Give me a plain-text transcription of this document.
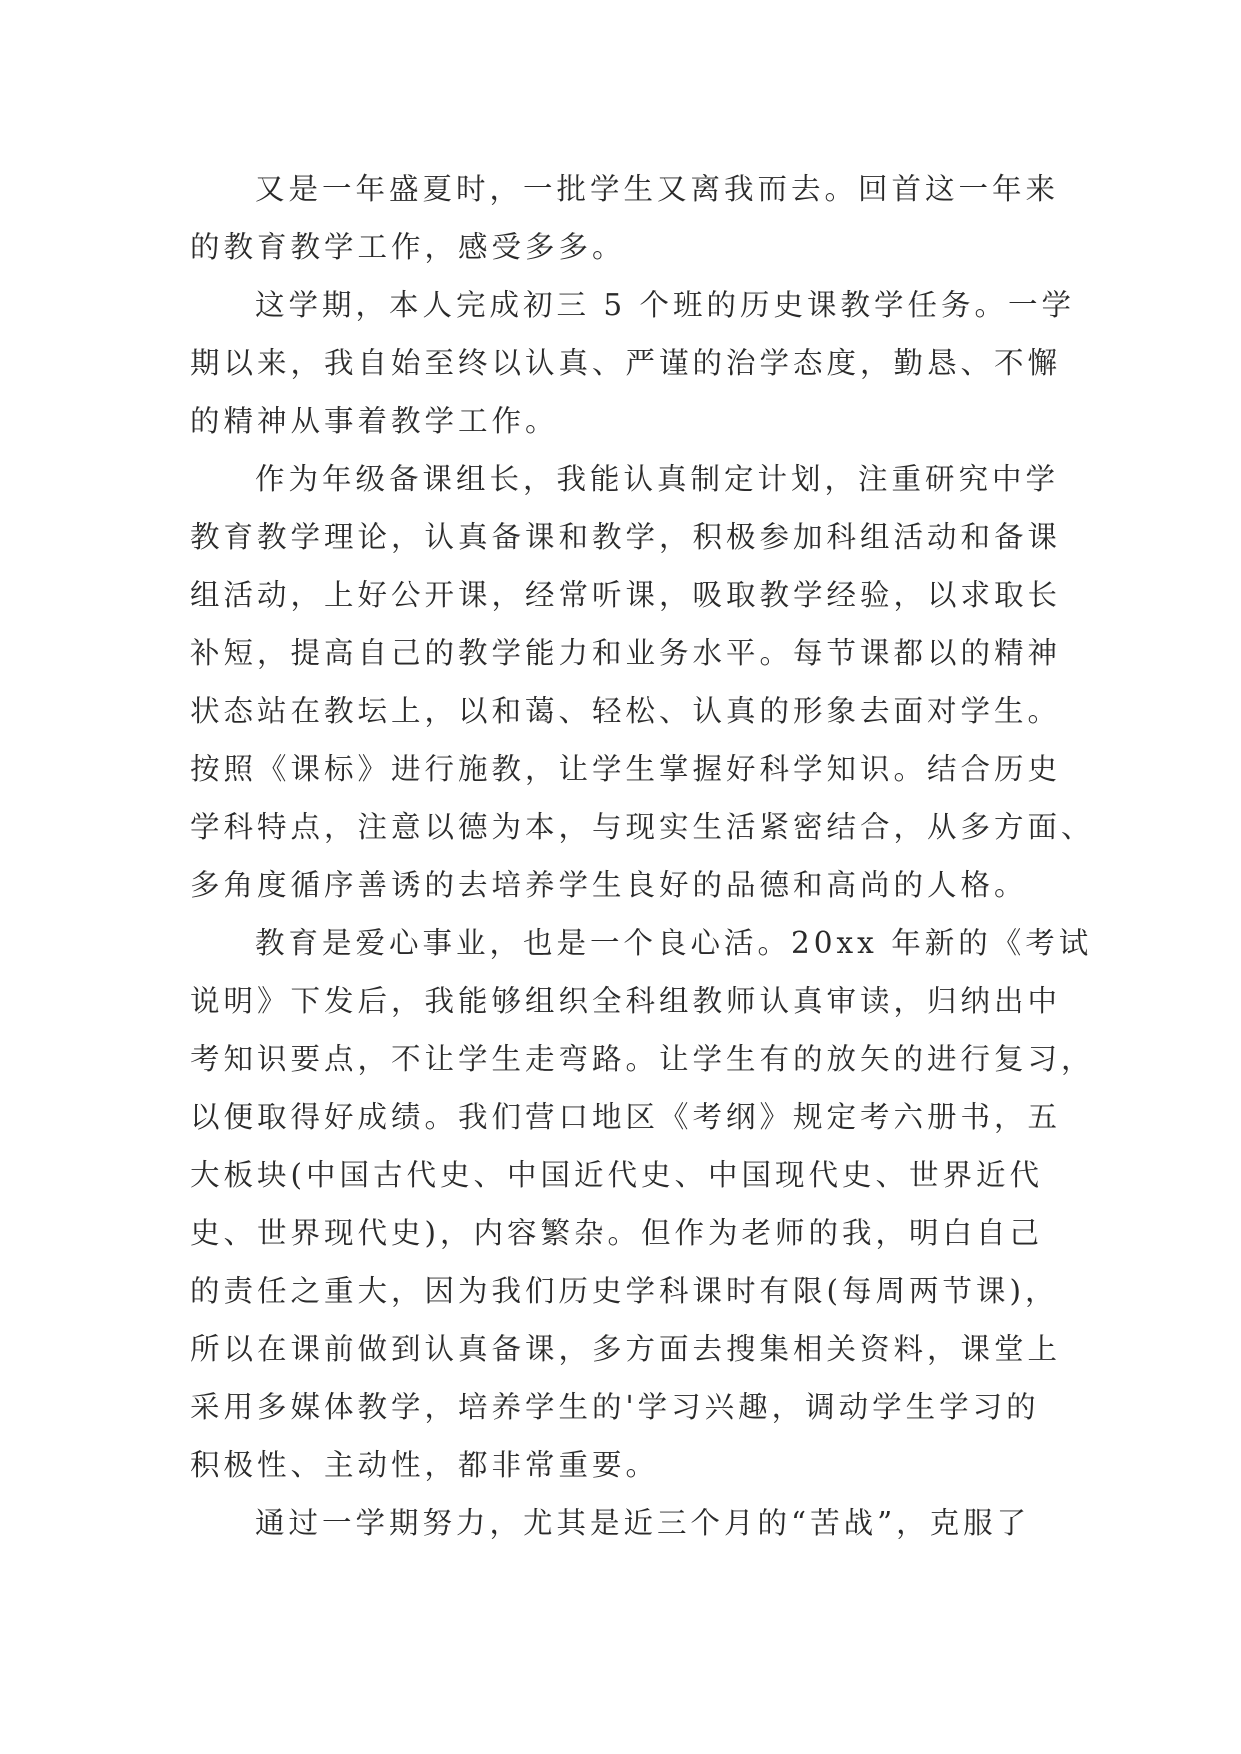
又是一年盛夏时，一批学生又离我而去。回首这一年来
的教育教学工作，感受多多。
这学期，本人完成初三 5 个班的历史课教学任务。一学
期以来，我自始至终以认真、严谨的治学态度，勤恳、不懈
的精神从事着教学工作。
作为年级备课组长，我能认真制定计划，注重研究中学
教育教学理论，认真备课和教学，积极参加科组活动和备课
组活动，上好公开课，经常听课，吸取教学经验，以求取长
补短，提高自己的教学能力和业务水平。每节课都以的精神
状态站在教坛上，以和蔼、轻松、认真的形象去面对学生。
按照《课标》进行施教，让学生掌握好科学知识。结合历史
学科特点，注意以德为本，与现实生活紧密结合，从多方面、
多角度循序善诱的去培养学生良好的品德和高尚的人格。
教育是爱心事业，也是一个良心活。20xx 年新的《考试
说明》下发后，我能够组织全科组教师认真审读，归纳出中
考知识要点，不让学生走弯路。让学生有的放矢的进行复习，
以便取得好成绩。我们营口地区《考纲》规定考六册书，五
大板块(中国古代史、中国近代史、中国现代史、世界近代
史、世界现代史)，内容繁杂。但作为老师的我，明白自己
的责任之重大，因为我们历史学科课时有限(每周两节课)，
所以在课前做到认真备课，多方面去搜集相关资料，课堂上
采用多媒体教学，培养学生的'学习兴趣，调动学生学习的
积极性、主动性，都非常重要。
通过一学期努力，尤其是近三个月的“苦战”，克服了
